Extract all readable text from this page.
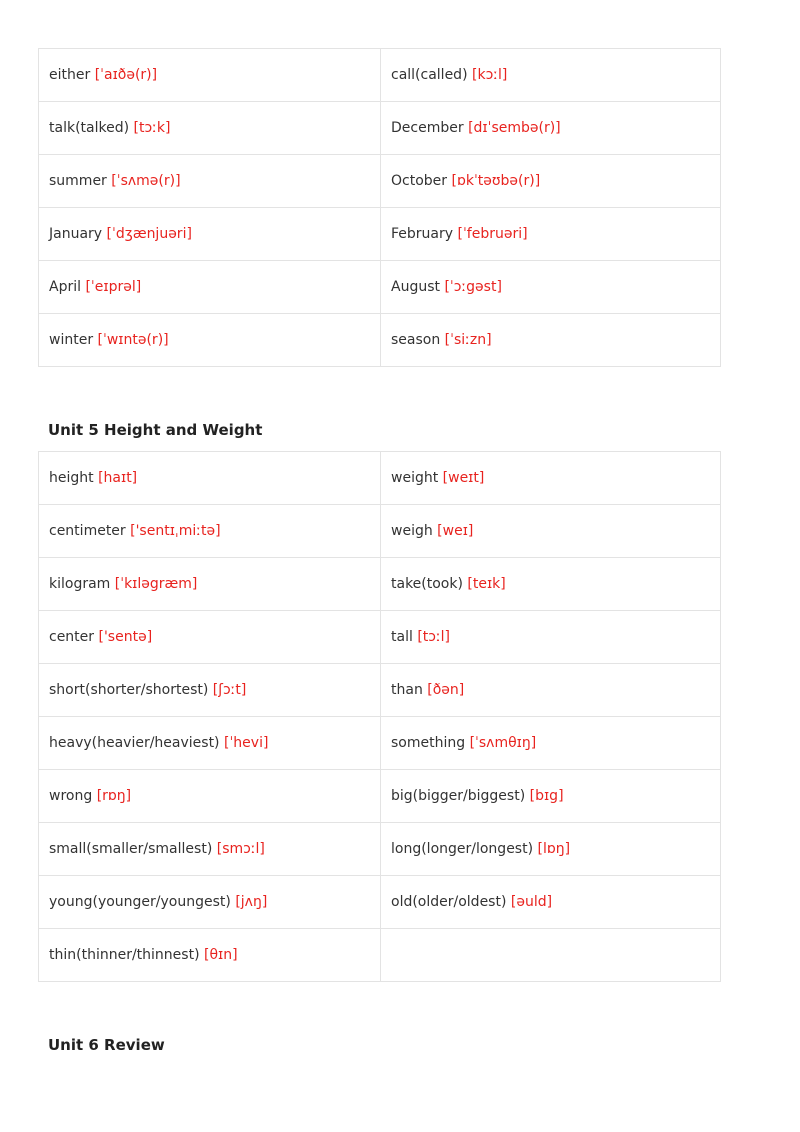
either [ˈaɪðə(r)]	call(called) [kɔːl]
talk(talked) [tɔːk]	December [dɪˈsembə(r)]
summer [ˈsʌmə(r)]	October [ɒkˈtəʊbə(r)]
January [ˈdʒænjuəri]	February [ˈfebruəri]
April [ˈeɪprəl]	August [ˈɔːgəst]
winter [ˈwɪntə(r)]	season [ˈsiːzn]
Unit 5 Height and Weight
height [haɪt]	weight [weɪt]
centimeter ['sentɪˌmiːtə]	weigh [weɪ]
kilogram [ˈkɪləgræm]	take(took) [teɪk]
center ['sentə]	tall [tɔːl]
short(shorter/shortest) [ʃɔːt]	than [ðən]
heavy(heavier/heaviest) [ˈhevi]	something [ˈsʌmθɪŋ]
wrong [rɒŋ]	big(bigger/biggest) [bɪg]
small(smaller/smallest) [smɔːl]	long(longer/longest) [lɒŋ]
young(younger/youngest) [jʌŋ]	old(older/oldest) [əuld]
thin(thinner/thinnest) [θɪn]	
Unit 6 Review
